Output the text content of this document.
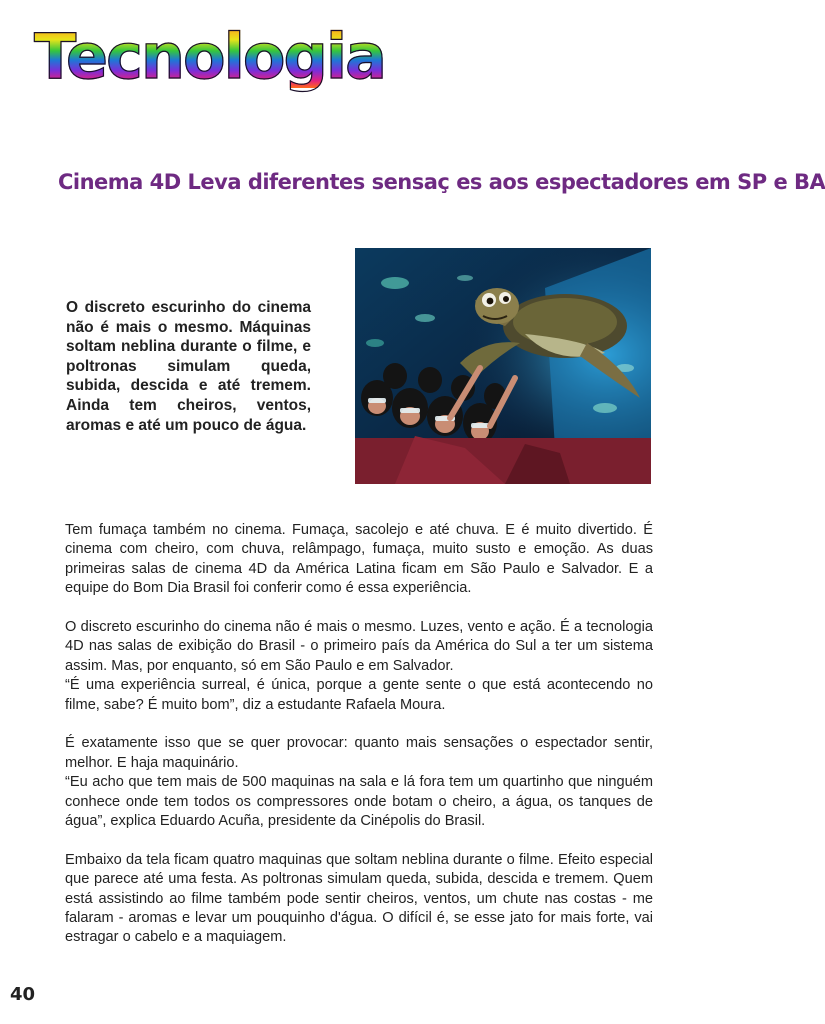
Tecnologia
Cinema 4D Leva diferentes sensaç es aos espectadores em SP e BA
O discreto escurinho do cinema não é mais o mesmo. Máquinas soltam neblina durante o filme, e poltronas simulam queda, subida, descida e até tremem. Ainda tem cheiros, ventos, aromas e até um pouco de água.

Tem fumaça também no cinema. Fumaça, sacolejo e até chuva. E é muito divertido. É cinema com cheiro, com chuva, relâmpago, fumaça, muito susto e emoção. As duas primeiras salas de cinema 4D da América Latina ficam em São Paulo e Salvador. E a equipe do Bom Dia Brasil foi conferir como é essa experiência.

O discreto escurinho do cinema não é mais o mesmo. Luzes, vento e ação. É a tecnologia 4D nas salas de exibição do Brasil - o primeiro país da América do Sul a ter um sistema assim. Mas, por enquanto, só em São Paulo e em Salvador.
“É uma experiência surreal, é única, porque a gente sente o que está acontecendo no filme, sabe? É muito bom”, diz a estudante Rafaela Moura.

É exatamente isso que se quer provocar: quanto mais sensações o espectador sentir, melhor. E haja maquinário.
“Eu acho que tem mais de 500 maquinas na sala e lá fora tem um quartinho que ninguém conhece onde tem todos os compressores onde botam o cheiro, a água, os tanques de água”, explica Eduardo Acuña, presidente da Cinépolis do Brasil.

Embaixo da tela ficam quatro maquinas que soltam neblina durante o filme. Efeito especial que parece até uma festa. As poltronas simulam queda, subida, descida e tremem. Quem está assistindo ao filme também pode sentir cheiros, ventos, um chute nas costas - me falaram - aromas e levar um pouquinho d'água. O difícil é, se esse jato for mais forte, vai estragar o cabelo e a maquiagem.

40
